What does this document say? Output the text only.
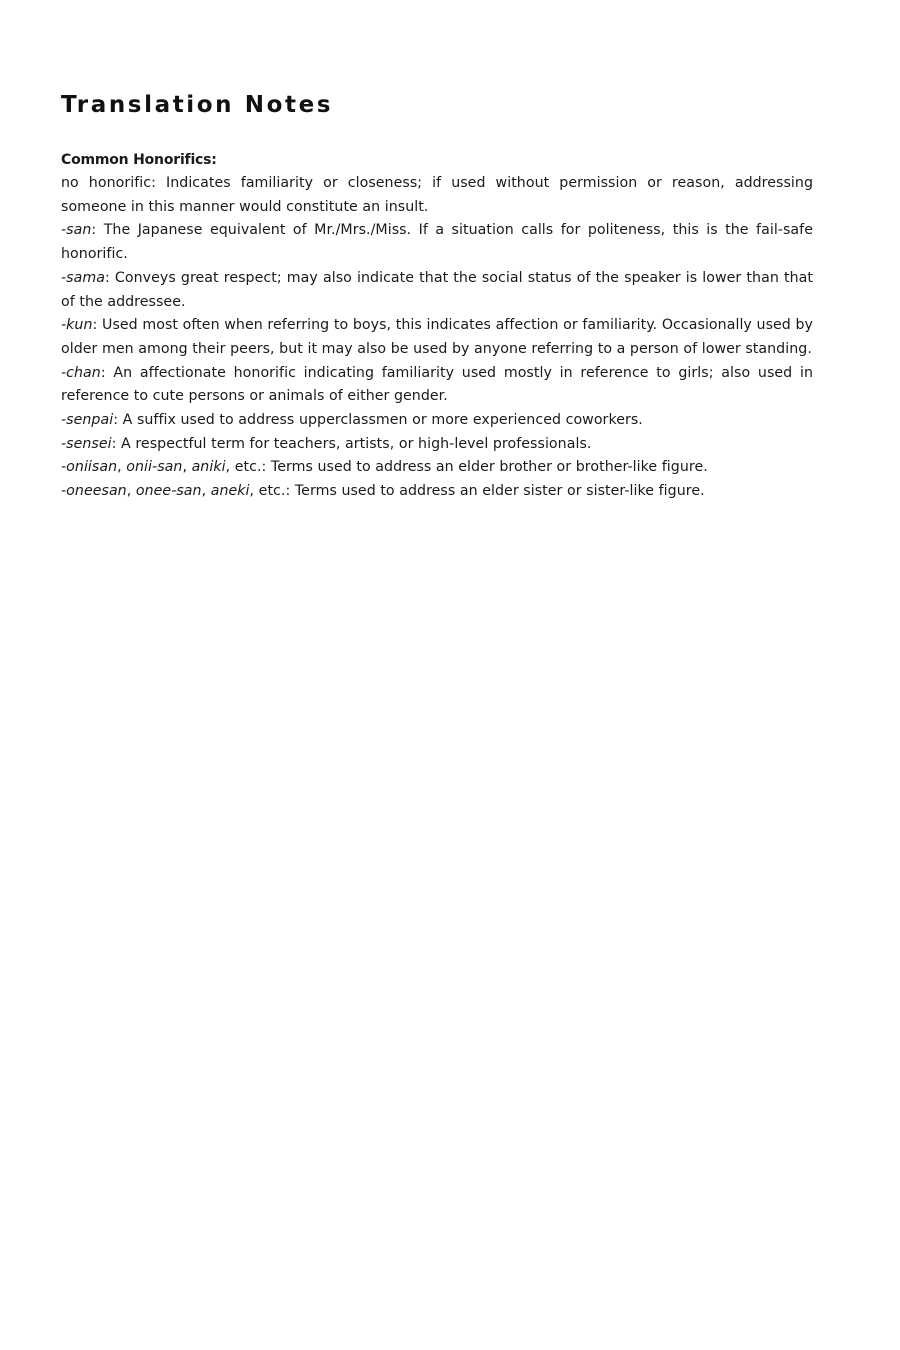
Translation Notes
Common Honorifics:

no honorific: Indicates familiarity or closeness; if used without permission or reason, addressing someone in this manner would constitute an insult.

-san: The Japanese equivalent of Mr./Mrs./Miss. If a situation calls for politeness, this is the fail-safe honorific.

-sama: Conveys great respect; may also indicate that the social status of the speaker is lower than that of the addressee.

-kun: Used most often when referring to boys, this indicates affection or familiarity. Occasionally used by older men among their peers, but it may also be used by anyone referring to a person of lower standing.

-chan: An affectionate honorific indicating familiarity used mostly in reference to girls; also used in reference to cute persons or animals of either gender.

-senpai: A suffix used to address upperclassmen or more experienced coworkers.

-sensei: A respectful term for teachers, artists, or high-level professionals.

-oniisan, onii-san, aniki, etc.: Terms used to address an elder brother or brother-like figure.

-oneesan, onee-san, aneki, etc.: Terms used to address an elder sister or sister-like figure.
